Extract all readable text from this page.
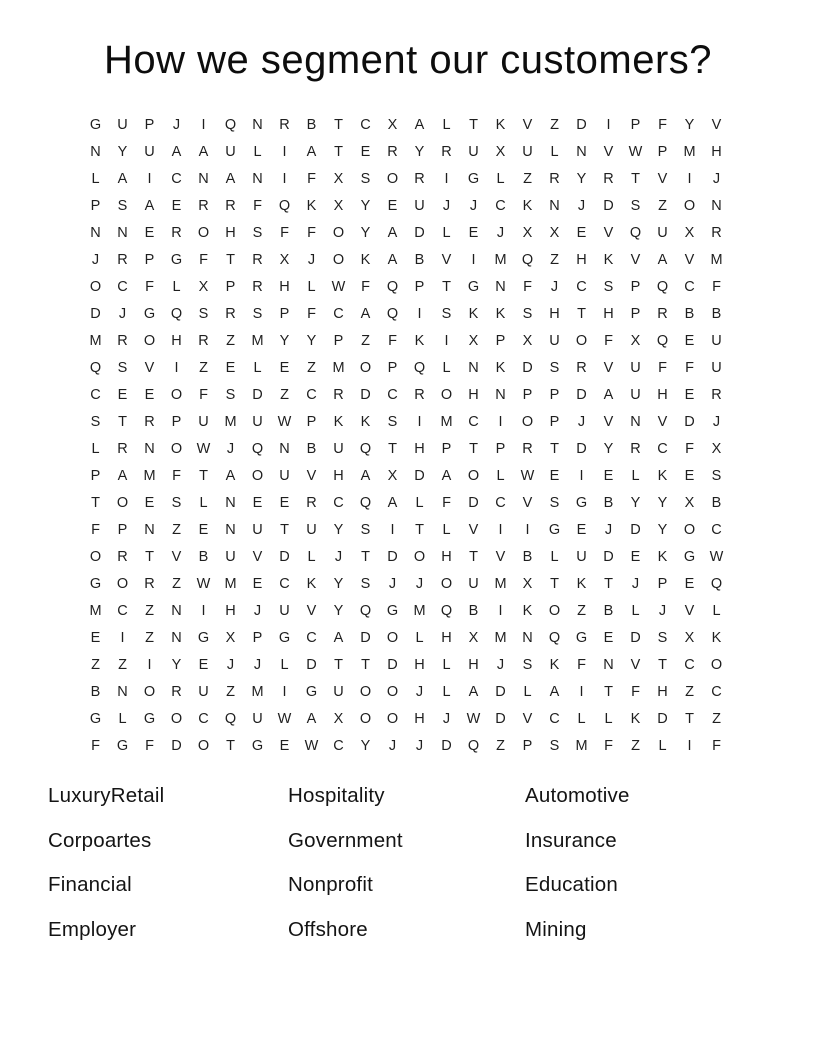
How we segment our customers?
G	U	P	J	I	Q	N	R	B	T	C	X	A	L	T	K	V	Z	D	I	P	F	Y	V
N	Y	U	A	A	U	L	I	A	T	E	R	Y	R	U	X	U	L	N	V	W	P	M	H
L	A	I	C	N	A	N	I	F	X	S	O	R	I	G	L	Z	R	Y	R	T	V	I	J
P	S	A	E	R	R	F	Q	K	X	Y	E	U	J	J	C	K	N	J	D	S	Z	O	N
N	N	E	R	O	H	S	F	F	O	Y	A	D	L	E	J	X	X	E	V	Q	U	X	R
J	R	P	G	F	T	R	X	J	O	K	A	B	V	I	M	Q	Z	H	K	V	A	V	M
O	C	F	L	X	P	R	H	L	W	F	Q	P	T	G	N	F	J	C	S	P	Q	C	F
D	J	G	Q	S	R	S	P	F	C	A	Q	I	S	K	K	S	H	T	H	P	R	B	B
M	R	O	H	R	Z	M	Y	Y	P	Z	F	K	I	X	P	X	U	O	F	X	Q	E	U
Q	S	V	I	Z	E	L	E	Z	M	O	P	Q	L	N	K	D	S	R	V	U	F	F	U
C	E	E	O	F	S	D	Z	C	R	D	C	R	O	H	N	P	P	D	A	U	H	E	R
S	T	R	P	U	M	U	W	P	K	K	S	I	M	C	I	O	P	J	V	N	V	D	J
L	R	N	O	W	J	Q	N	B	U	Q	T	H	P	T	P	R	T	D	Y	R	C	F	X
P	A	M	F	T	A	O	U	V	H	A	X	D	A	O	L	W	E	I	E	L	K	E	S
T	O	E	S	L	N	E	E	R	C	Q	A	L	F	D	C	V	S	G	B	Y	Y	X	B
F	P	N	Z	E	N	U	T	U	Y	S	I	T	L	V	I	I	G	E	J	D	Y	O	C
O	R	T	V	B	U	V	D	L	J	T	D	O	H	T	V	B	L	U	D	E	K	G	W
G	O	R	Z	W M	E	C	K	Y	S	J	J	O	U	M	X	T	K	T	J	P	E	Q
M	C	Z	N	I	H	J	U	V	Y	Q	G	M	Q	B	I	K	O	Z	B	L	J	V	L
E	I	Z	N	G	X	P	G	C	A	D	O	L	H	X	M	N	Q	G	E	D	S	X	K
Z	Z	I	Y	E	J	J	L	D	T	T	D	H	L	H	J	S	K	F	N	V	T	C	O
B	N	O	R	U	Z	M	I	G	U	O	O	J	L	A	D	L	A	I	T	F	H	Z	C
G	L	G	O	C	Q	U	W	A	X	O	O	H	J	W	D	V	C	L	L	K	D	T	Z
F	G	F	D	O	T	G	E	W	C	Y	J	J	D	Q	Z	P	S	M	F	Z	L	I	F
LuxuryRetail
Corpoartes
Financial
Employer
Hospitality
Government
Nonprofit
Offshore
Automotive
Insurance
Education
Mining
